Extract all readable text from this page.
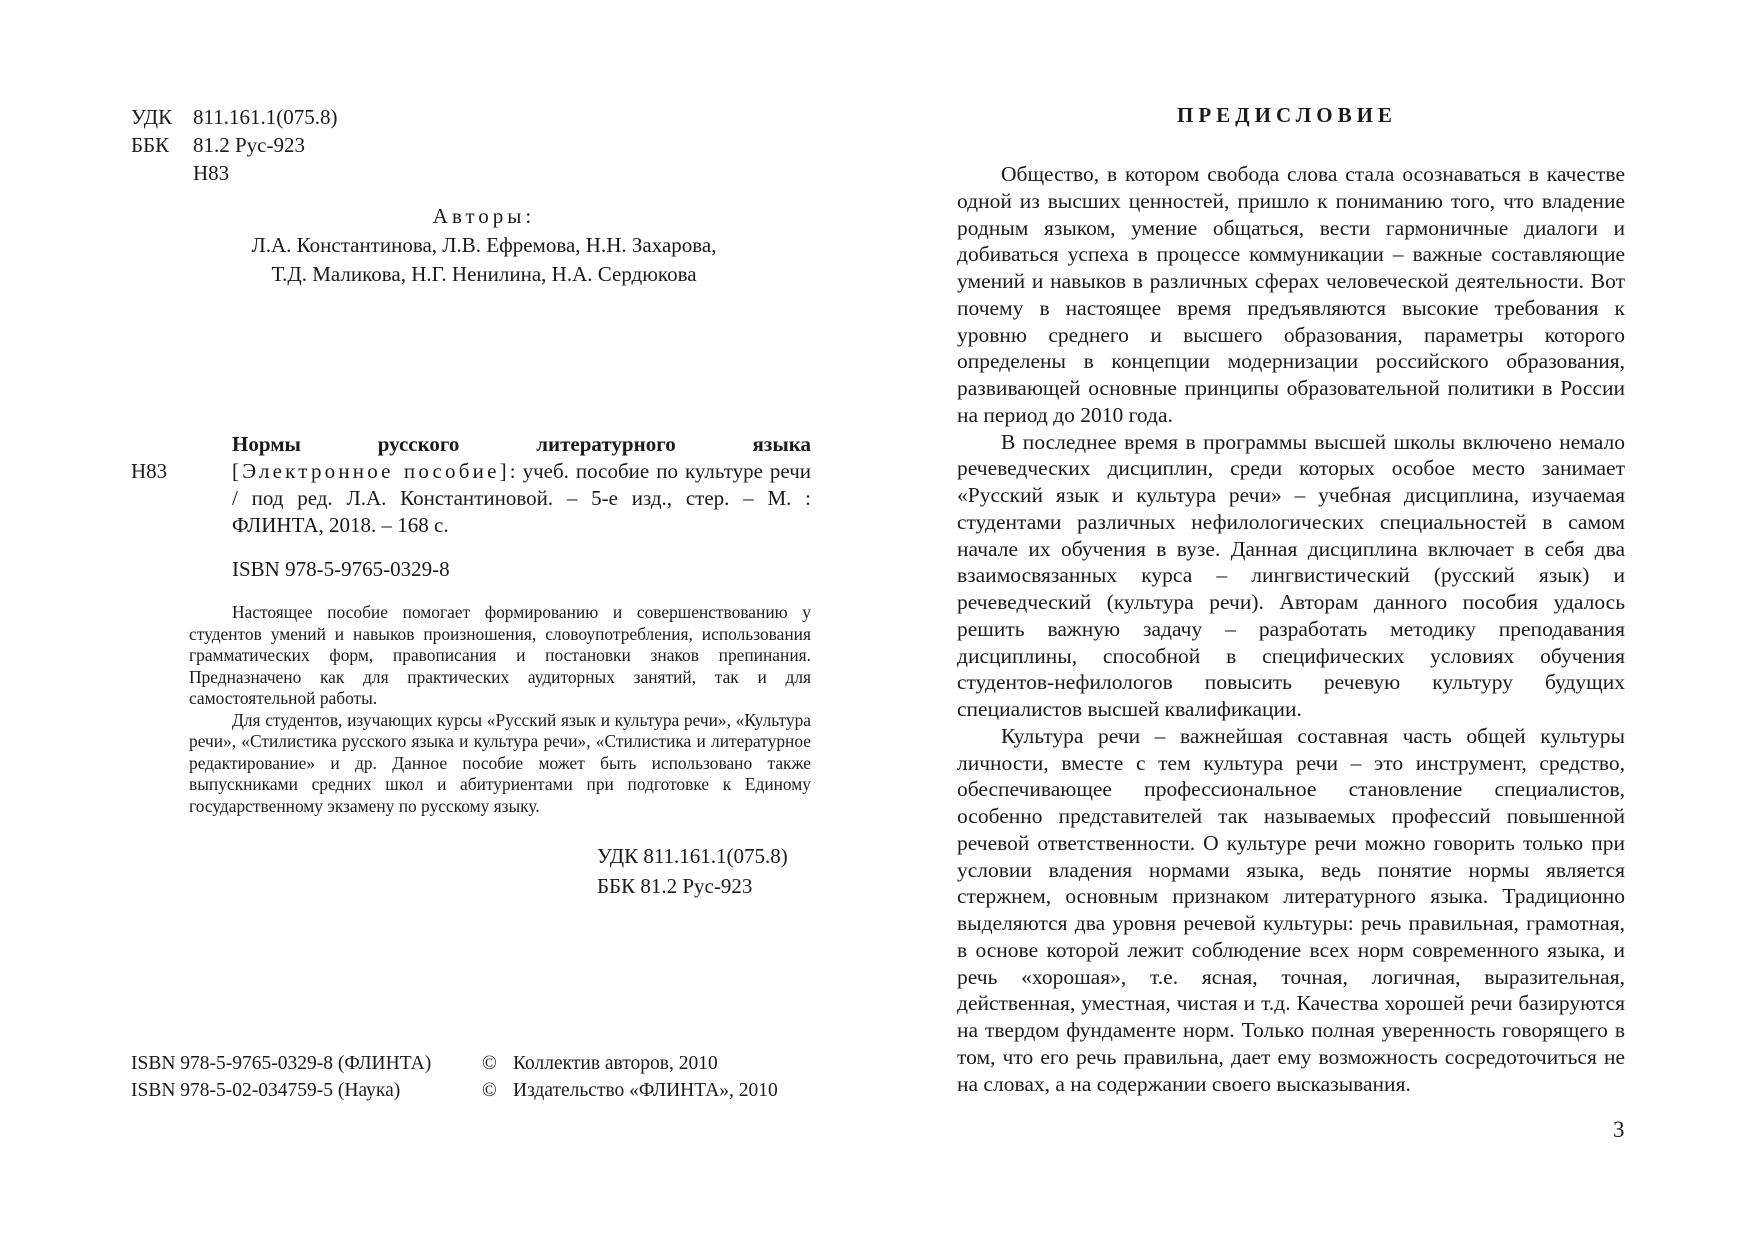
УДК 811.161.1(075.8)
ББК	81.2 Рус-923
Н83
Авторы:
Л.А. Константинова, Л.В. Ефремова, Н.Н. Захарова,
Т.Д. Маликова, Н.Г. Ненилина, Н.А. Сердюкова
Н83
Нормы русского литературного языка
[Электронное пособие]: учеб. пособие по культуре речи / под ред. Л.А. Константиновой. – 5-е изд., стер. – М. : ФЛИНТА, 2018. – 168 с.
ISBN 978-5-9765-0329-8

Настоящее пособие помогает формированию и совершенствованию у студентов умений и навыков произношения, словоупотребления, использования грамматических форм, правописания и постановки знаков препинания. Предназначено как для практических аудиторных занятий, так и для самостоятельной работы.

Для студентов, изучающих курсы «Русский язык и культура речи», «Культура речи», «Стилистика русского языка и культура речи», «Стилистика и литературное редактирование» и др. Данное пособие может быть использовано также выпускниками средних школ и абитуриентами при подготовке к Единому государственному экзамену по русскому языку.

УДК 811.161.1(075.8)
ББК 81.2 Рус-923
ISBN 978-5-9765-0329-8 (ФЛИНТА)
ISBN 978-5-02-034759-5 (Наука)
© Коллектив авторов, 2010
© Издательство «ФЛИНТА», 2010
ПРЕДИСЛОВИЕ

Общество, в котором свобода слова стала осознаваться в качестве одной из высших ценностей, пришло к пониманию того, что владение родным языком, умение общаться, вести гармоничные диалоги и добиваться успеха в процессе коммуникации – важные составляющие умений и навыков в различных сферах человеческой деятельности. Вот почему в настоящее время предъявляются высокие требования к уровню среднего и высшего образования, параметры которого определены в концепции модернизации российского образования, развивающей основные принципы образовательной политики в России на период до 2010 года.

В последнее время в программы высшей школы включено немало речеведческих дисциплин, среди которых особое место занимает «Русский язык и культура речи» – учебная дисциплина, изучаемая студентами различных нефилологических специальностей в самом начале их обучения в вузе. Данная дисциплина включает в себя два взаимосвязанных курса – лингвистический (русский язык) и речеведческий (культура речи). Авторам данного пособия удалось решить важную задачу – разработать методику преподавания дисциплины, способной в специфических условиях обучения студентов-нефилологов повысить речевую культуру будущих специалистов высшей квалификации.

Культура речи – важнейшая составная часть общей культуры личности, вместе с тем культура речи – это инструмент, средство, обеспечивающее профессиональное становление специалистов, особенно представителей так называемых профессий повышенной речевой ответственности. О культуре речи можно говорить только при условии владения нормами языка, ведь понятие нормы является стержнем, основным признаком литературного языка. Традиционно выделяются два уровня речевой культуры: речь правильная, грамотная, в основе которой лежит соблюдение всех норм современного языка, и речь «хорошая», т.е. ясная, точная, логичная, выразительная, действенная, уместная, чистая и т.д. Качества хорошей речи базируются на твердом фундаменте норм. Только полная уверенность говорящего в том, что его речь правильна, дает ему возможность сосредоточиться не на словах, а на содержании своего высказывания.

3
